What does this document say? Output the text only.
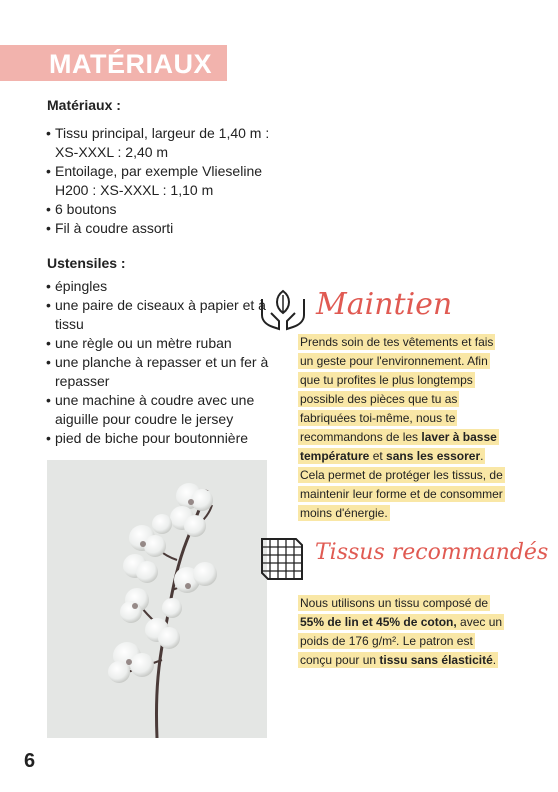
MATÉRIAUX
Matériaux :
• Tissu principal, largeur de 1,40 m : XS-XXXL : 2,40 m
• Entoilage, par exemple Vlieseline H200 : XS-XXXL : 1,10 m
• 6 boutons
• Fil à coudre assorti
Ustensiles :
• épingles
• une paire de ciseaux à papier et à tissu
• une règle ou un mètre ruban
• une planche à repasser et un fer à repasser
• une machine à coudre avec une aiguille pour coudre le jersey
• pied de biche pour boutonnière
Maintien

Prends soin de tes vêtements et fais un geste pour l'environnement. Afin que tu profites le plus longtemps possible des pièces que tu as fabriquées toi-même, nous te recommandons de les laver à basse température et sans les essorer. Cela permet de protéger les tissus, de maintenir leur forme et de consommer moins d'énergie.

Tissus recommandés

Nous utilisons un tissu composé de 55% de lin et 45% de coton, avec un poids de 176 g/m². Le patron est conçu pour un tissu sans élasticité.

6
